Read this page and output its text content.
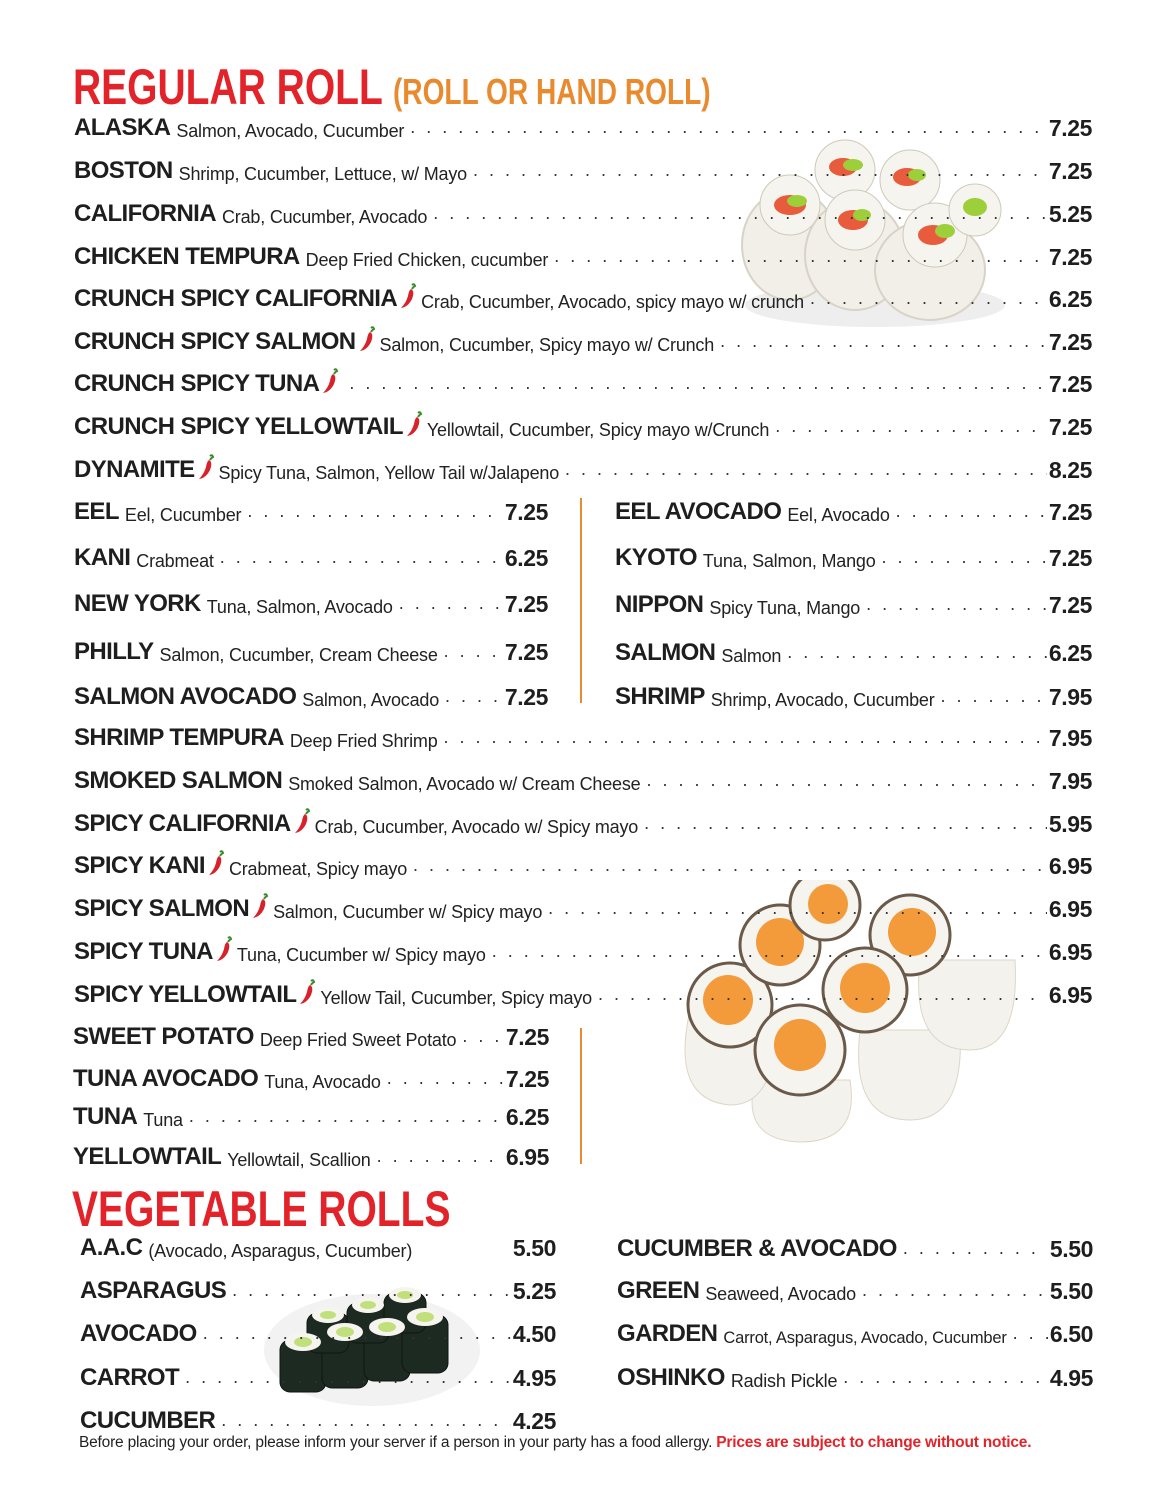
REGULAR ROLL (ROLL OR HAND ROLL)
VEGETABLE ROLLS
ALASKA Salmon, Avocado, Cucumber . . .	7.25
BOSTON Shrimp, Cucumber, Lettuce, w/ Mayo . . .	7.25
CALIFORNIA Crab, Cucumber, Avocado . . .	5.25
CHICKEN TEMPURA Deep Fried Chicken, cucumber . . .	7.25
CRUNCH SPICY CALIFORNIA Crab, Cucumber, Avocado, spicy mayo w/ crunch . . .	6.25
CRUNCH SPICY SALMON Salmon, Cucumber, Spicy mayo w/ Crunch . . .	7.25
CRUNCH SPICY TUNA . . .	7.25
CRUNCH SPICY YELLOWTAIL Yellowtail, Cucumber, Spicy mayo w/Crunch . . .	7.25
DYNAMITE Spicy Tuna, Salmon, Yellow Tail w/Jalapeno . . .	8.25
EEL Eel, Cucumber . . .	7.25
KANI Crabmeat . . .	6.25
NEW YORK Tuna, Salmon, Avocado . . .	7.25
PHILLY Salmon, Cucumber, Cream Cheese . . .	7.25
SALMON AVOCADO Salmon, Avocado . . .	7.25
EEL AVOCADO Eel, Avocado . . .	7.25
KYOTO Tuna, Salmon, Mango . . .	7.25
NIPPON Spicy Tuna, Mango . . .	7.25
SALMON Salmon . . .	6.25
SHRIMP Shrimp, Avocado, Cucumber . . .	7.95
SHRIMP TEMPURA Deep Fried Shrimp . . .	7.95
SMOKED SALMON Smoked Salmon, Avocado w/ Cream Cheese . . .	7.95
SPICY CALIFORNIA Crab, Cucumber, Avocado w/ Spicy mayo . . .	5.95
SPICY KANI Crabmeat, Spicy mayo . . .	6.95
SPICY SALMON Salmon, Cucumber w/ Spicy mayo . . .	6.95
SPICY TUNA Tuna, Cucumber w/ Spicy mayo . . .	6.95
SPICY YELLOWTAIL Yellow Tail, Cucumber, Spicy mayo . . .	6.95
SWEET POTATO Deep Fried Sweet Potato . . . 7.25
TUNA AVOCADO Tuna, Avocado . . .	7.25
TUNA Tuna . . .	6.25
YELLOWTAIL Yellowtail, Scallion . . .	6.95
A.A.C (Avocado, Asparagus, Cucumber)	5.50
ASPARAGUS . . .	5.25
AVOCADO . . .	4.50
CARROT . . .	4.95
CUCUMBER . . .	4.25
CUCUMBER & AVOCADO . . .	5.50
GREEN Seaweed, Avocado . . .	5.50
GARDEN Carrot, Asparagus, Avocado, Cucumber . . . 6.50
OSHINKO Radish Pickle . . .	4.95
Before placing your order, please inform your server if a person in your party has a food allergy. Prices are subject to change without notice.
